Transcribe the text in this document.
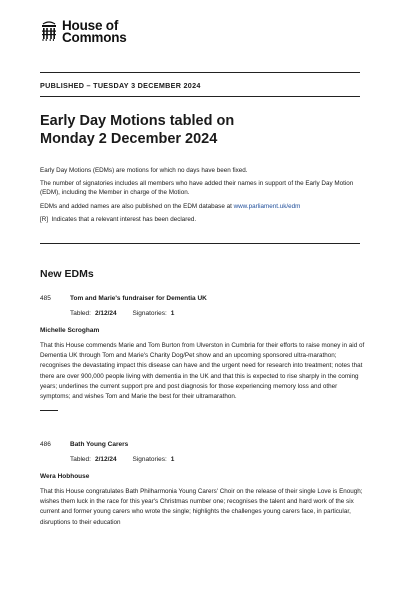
House of
Commons
PUBLISHED – TUESDAY 3 DECEMBER 2024
Early Day Motions tabled on
Monday 2 December 2024

Early Day Motions (EDMs) are motions for which no days have been fixed.

The number of signatories includes all members who have added their names in support of the Early Day Motion (EDM), including the Member in charge of the Motion.

EDMs and added names are also published on the EDM database at www.parliament.uk/edm

[R] Indicates that a relevant interest has been declared.

New EDMs
485	Tom and Marie's fundraiser for Dementia UK
Tabled: 2/12/24 Signatories: 1
Michelle Scrogham
That this House commends Marie and Tom Burton from Ulverston in Cumbria for their efforts to raise money in aid of Dementia UK through Tom and Marie's Charity Dog/Pet show and an upcoming sponsored ultra-marathon; recognises the devastating impact this disease can have and the urgent need for research into treatment; notes that there are over 900,000 people living with dementia in the UK and that this is expected to rise sharply in the coming years; underlines the current support pre and post diagnosis for those experiencing memory loss and other symptoms; and wishes Tom and Marie the best for their ultramarathon.
486	Bath Young Carers
Tabled: 2/12/24 Signatories: 1
Wera Hobhouse
That this House congratulates Bath Philharmonia Young Carers' Choir on the release of their single Love is Enough; wishes them luck in the race for this year's Christmas number one; recognises the talent and hard work of the six current and former young carers who wrote the single; highlights the challenges young carers face, in particular, disruptions to their education
